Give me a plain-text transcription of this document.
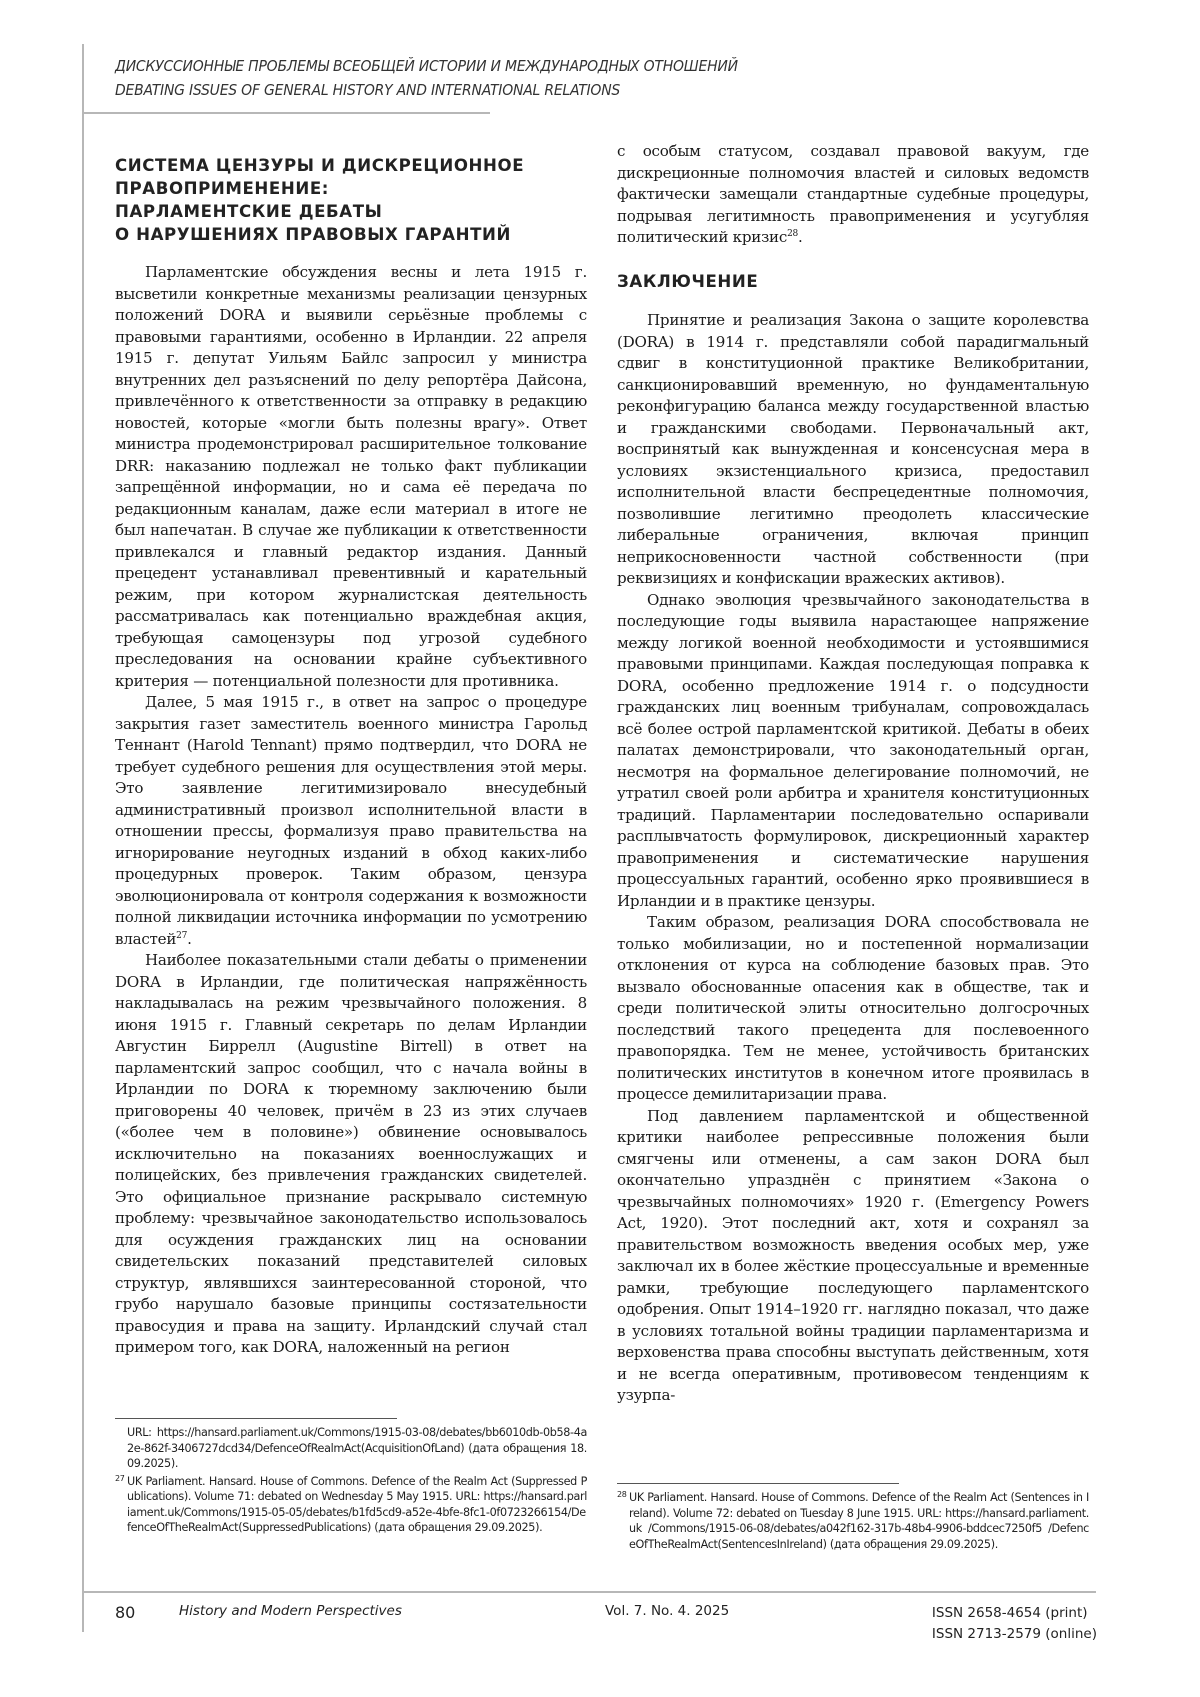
ДИСКУССИОННЫЕ ПРОБЛЕМЫ ВСЕОБЩЕЙ ИСТОРИИ И МЕЖДУНАРОДНЫХ ОТНОШЕНИЙ
DEBATING ISSUES OF GENERAL HISTORY AND INTERNATIONAL RELATIONS
СИСТЕМА ЦЕНЗУРЫ И ДИСКРЕЦИОННОЕ
ПРАВОПРИМЕНЕНИЕ:
ПАРЛАМЕНТСКИЕ ДЕБАТЫ
О НАРУШЕНИЯХ ПРАВОВЫХ ГАРАНТИЙ

Парламентские обсуждения весны и лета 1915 г. высветили конкретные механизмы реализации цензурных положений DORA и выявили серьёзные проблемы с правовыми гарантиями, особенно в Ирландии. 22 апреля 1915 г. депутат Уильям Байлс запросил у министра внутренних дел разъяснений по делу репортёра Дайсона, привлечённого к ответственности за отправку в редакцию новостей, которые «могли быть полезны врагу». Ответ министра продемонстрировал расширительное толкование DRR: наказанию подлежал не только факт публикации запрещённой информации, но и сама её передача по редакционным каналам, даже если материал в итоге не был напечатан. В случае же публикации к ответственности привлекался и главный редактор издания. Данный прецедент устанавливал превентивный и карательный режим, при котором журналистская деятельность рассматривалась как потенциально враждебная акция, требующая самоцензуры под угрозой судебного преследования на основании крайне субъективного критерия — потенциальной полезности для противника.

Далее, 5 мая 1915 г., в ответ на запрос о процедуре закрытия газет заместитель военного министра Гарольд Теннант (Harold Tennant) прямо подтвердил, что DORA не требует судебного решения для осуществления этой меры. Это заявление легитимизировало внесудебный административный произвол исполнительной власти в отношении прессы, формализуя право правительства на игнорирование неугодных изданий в обход каких-либо процедурных проверок. Таким образом, цензура эволюционировала от контроля содержания к возможности полной ликвидации источника информации по усмотрению властей$^{27}$.

Наиболее показательными стали дебаты о применении DORA в Ирландии, где политическая напряжённость накладывалась на режим чрезвычайного положения. 8 июня 1915 г. Главный секретарь по делам Ирландии Августин Биррелл (Augustine Birrell) в ответ на парламентский запрос сообщил, что с начала войны в Ирландии по DORA к тюремному заключению были приговорены 40 человек, причём в 23 из этих случаев («более чем в половине») обвинение основывалось исключительно на показаниях военнослужащих и полицейских, без привлечения гражданских свидетелей. Это официальное признание раскрывало системную проблему: чрезвычайное законодательство использовалось для осуждения гражданских лиц на основании свидетельских показаний представителей силовых структур, являвшихся заинтересованной стороной, что грубо нарушало базовые принципы состязательности правосудия и права на защиту. Ирландский случай стал примером того, как DORA, наложенный на регион

с особым статусом, создавал правовой вакуум, где дискреционные полномочия властей и силовых ведомств фактически замещали стандартные судебные процедуры, подрывая легитимность правоприменения и усугубляя политический кризис$^{28}$.

ЗАКЛЮЧЕНИЕ

Принятие и реализация Закона о защите королевства (DORA) в 1914 г. представляли собой парадигмальный сдвиг в конституционной практике Великобритании, санкционировавший временную, но фундаментальную реконфигурацию баланса между государственной властью и гражданскими свободами. Первоначальный акт, воспринятый как вынужденная и консенсусная мера в условиях экзистенциального кризиса, предоставил исполнительной власти беспрецедентные полномочия, позволившие легитимно преодолеть классические либеральные ограничения, включая принцип неприкосновенности частной собственности (при реквизициях и конфискации вражеских активов).

Однако эволюция чрезвычайного законодательства в последующие годы выявила нарастающее напряжение между логикой военной необходимости и устоявшимися правовыми принципами. Каждая последующая поправка к DORA, особенно предложение 1914 г. о подсудности гражданских лиц военным трибуналам, сопровождалась всё более острой парламентской критикой. Дебаты в обеих палатах демонстрировали, что законодательный орган, несмотря на формальное делегирование полномочий, не утратил своей роли арбитра и хранителя конституционных традиций. Парламентарии последовательно оспаривали расплывчатость формулировок, дискреционный характер правоприменения и систематические нарушения процессуальных гарантий, особенно ярко проявившиеся в Ирландии и в практике цензуры.

Таким образом, реализация DORA способствовала не только мобилизации, но и постепенной нормализации отклонения от курса на соблюдение базовых прав. Это вызвало обоснованные опасения как в обществе, так и среди политической элиты относительно долгосрочных последствий такого прецедента для послевоенного правопорядка. Тем не менее, устойчивость британских политических институтов в конечном итоге проявилась в процессе демилитаризации права.

Под давлением парламентской и общественной критики наиболее репрессивные положения были смягчены или отменены, а сам закон DORA был окончательно упразднён с принятием «Закона о чрезвычайных полномочиях» 1920 г. (Emergency Powers Act, 1920). Этот последний акт, хотя и сохранял за правительством возможность введения особых мер, уже заключал их в более жёсткие процессуальные и временные рамки, требующие последующего парламентского одобрения. Опыт 1914–1920 гг. наглядно показал, что даже в условиях тотальной войны традиции парламентаризма и верховенства права способны выступать действенным, хотя и не всегда оперативным, противовесом тенденциям к узурпа-

URL: https://hansard.parliament.uk/Commons/1915-03-08/debates/bb6010db-0b58-4a2e-862f-3406727dcd34/DefenceOfRealmAct(AcquisitionOfLand) (дата обращения 18.09.2025).
27 UK Parliament. Hansard. House of Commons. Defence of the Realm Act (Suppressed Publications). Volume 71: debated on Wednesday 5 May 1915. URL: https://hansard.parliament.uk/Commons/1915-05-05/debates/b1fd5cd9-a52e-4bfe-8fc1-0f0723266154/DefenceOfTheRealmAct(SuppressedPublications) (дата обращения 29.09.2025).
28 UK Parliament. Hansard. House of Commons. Defence of the Realm Act (Sentences in Ireland). Volume 72: debated on Tuesday 8 June 1915. URL: https://hansard.parliament.uk /Commons/1915-06-08/debates/a042f162-317b-48b4-9906-bddcec7250f5 /DefenceOfTheRealmAct(SentencesInIreland) (дата обращения 29.09.2025).
80	History and Modern Perspectives	Vol. 7. No. 4. 2025	ISSN 2658-4654 (print)
ISSN 2713-2579 (online)
